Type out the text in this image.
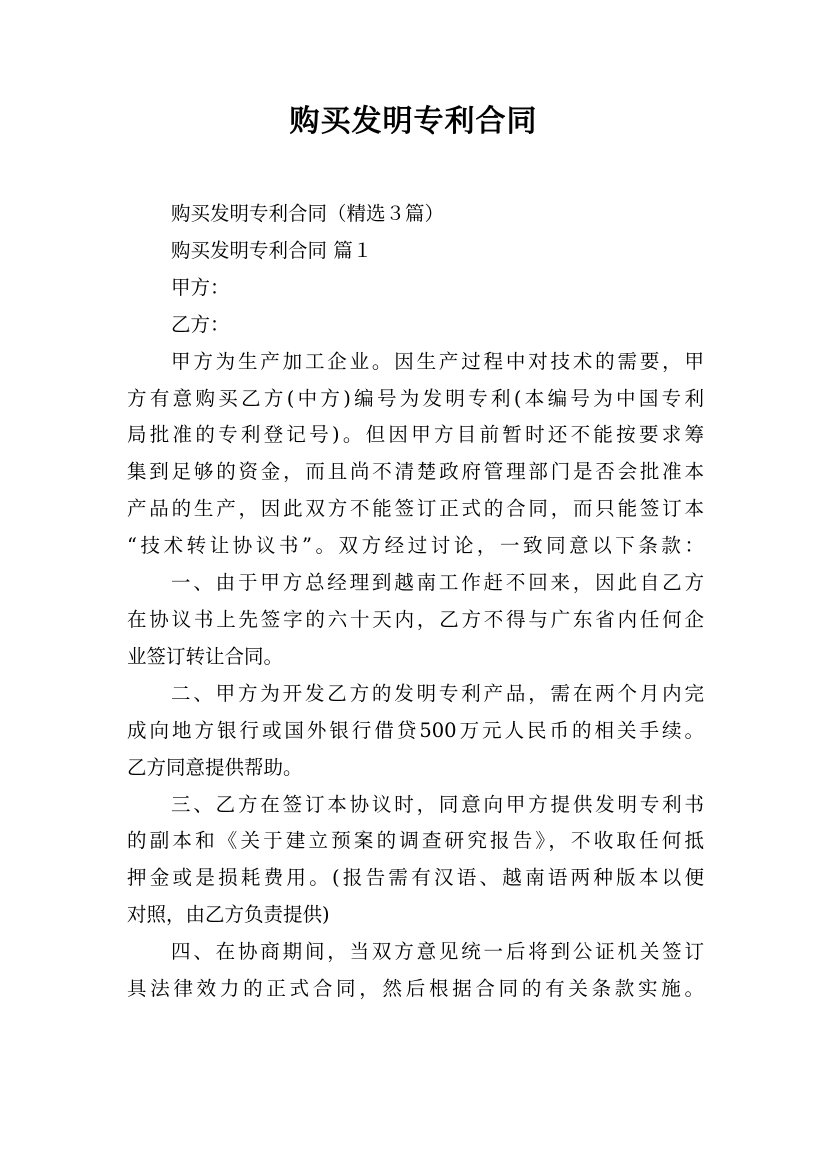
购买发明专利合同

购买发明专利合同（精选３篇）

购买发明专利合同 篇１

甲方：

乙方：

甲方为生产加工企业。因生产过程中对技术的需要，甲

方有意购买乙方(中方)编号为发明专利(本编号为中国专利

局批准的专利登记号)。但因甲方目前暂时还不能按要求筹

集到足够的资金，而且尚不清楚政府管理部门是否会批准本

产品的生产，因此双方不能签订正式的合同，而只能签订本

“技术转让协议书”。双方经过讨论，一致同意以下条款：

一、由于甲方总经理到越南工作赶不回来，因此自乙方

在协议书上先签字的六十天内，乙方不得与广东省内任何企

业签订转让合同。

二、甲方为开发乙方的发明专利产品，需在两个月内完

成向地方银行或国外银行借贷500万元人民币的相关手续。

乙方同意提供帮助。

三、乙方在签订本协议时，同意向甲方提供发明专利书

的副本和《关于建立预案的调查研究报告》，不收取任何抵

押金或是损耗费用。(报告需有汉语、越南语两种版本以便

对照，由乙方负责提供)

四、在协商期间，当双方意见统一后将到公证机关签订

具法律效力的正式合同，然后根据合同的有关条款实施。
